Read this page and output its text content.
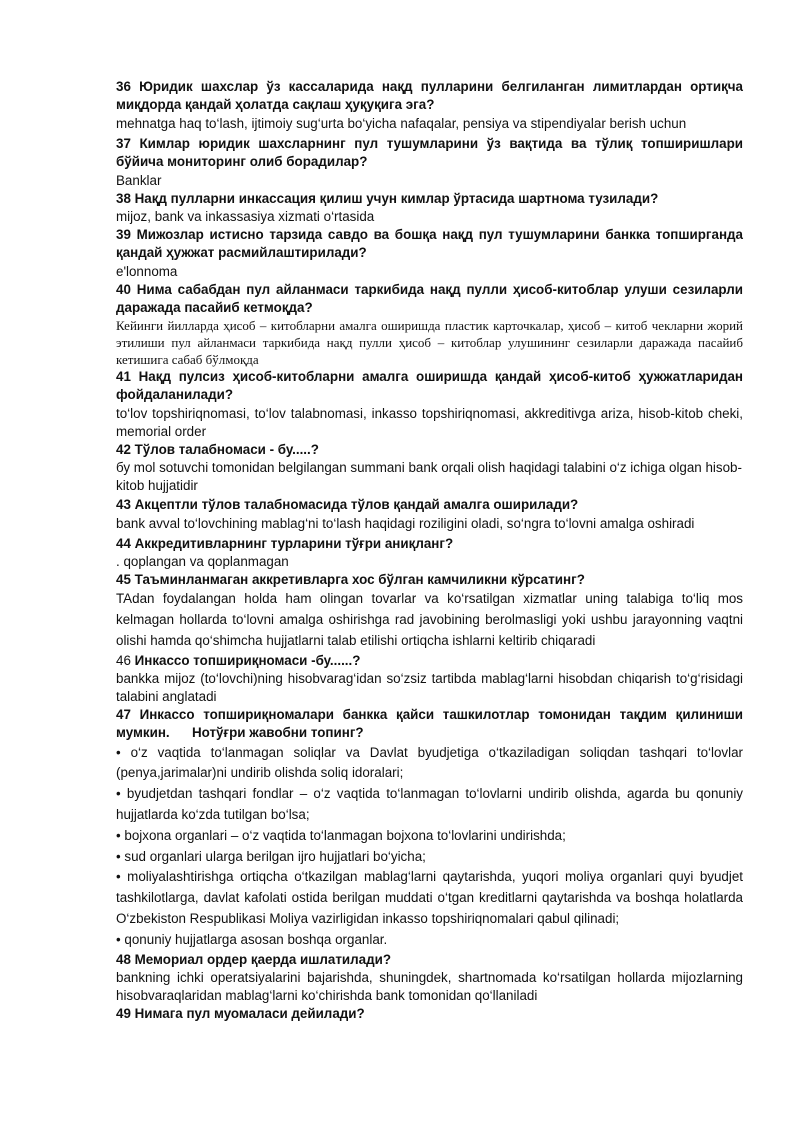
36 Юридик шахслар ўз кассаларида нақд пулларини белгиланган лимитлардан ортиқча миқдорда қандай ҳолатда сақлаш ҳуқуқига эга?

mehnatga haq to‘lash, ijtimoiy sug‘urta bo‘yicha nafaqalar, pensiya va stipendiyalar berish uchun

37 Кимлар юридик шахсларнинг пул тушумларини ўз вақтида ва тўлиқ топширишлари бўйича мониторинг олиб борадилар?

Banklar

38 Нақд пулларни инкассация қилиш учун кимлар ўртасида шартнома тузилади?

mijoz, bank va inkassasiya xizmati o‘rtasida

39 Мижозлар истисно тарзида савдо ва бошқа нақд пул тушумларини банкка топширганда қандай ҳужжат расмийлаштирилади?

e'lonnoma

40 Нима сабабдан пул айланмаси таркибида нақд пулли ҳисоб-китоблар улуши сезиларли даражада пасайиб кетмоқда?

Кейинги йилларда ҳисоб – китобларни амалга оширишда пластик карточкалар, ҳисоб – китоб чекларни жорий этилиши пул айланмаси таркибида нақд пулли ҳисоб – китоблар улушининг сезиларли даражада пасайиб кетишига сабаб бўлмоқда

41 Нақд пулсиз ҳисоб-китобларни амалга оширишда қандай ҳисоб-китоб ҳужжатларидан фойдаланилади?

to‘lov topshiriqnomasi, to‘lov talabnomasi, inkasso topshiriqnomasi, akkreditivga ariza, hisob-kitob cheki, memorial order

42 Тўлов талабномаси - бу.....?

бу mol sotuvchi tomonidan belgilangan summani bank orqali olish haqidagi talabini o‘z ichiga olgan hisob-kitob hujjatidir

43 Акцептли тўлов талабномасида тўлов қандай амалга оширилади?

bank avval to‘lovchining mablag‘ni to‘lash haqidagi roziligini oladi, so‘ngra to‘lovni amalga oshiradi

44 Аккредитивларнинг турларини тўғри аниқланг?

. qoplangan va qoplanmagan

45 Таъминланмаган аккретивларга хос бўлган камчиликни кўрсатинг?

TAdan foydalangan holda ham olingan tovarlar va ko‘rsatilgan xizmatlar uning talabiga to‘liq mos kelmagan hollarda to‘lovni amalga oshirishga rad javobining berolmasligi yoki ushbu jarayonning vaqtni olishi hamda qo‘shimcha hujjatlarni talab etilishi ortiqcha ishlarni keltirib chiqaradi

46 Инкассо топшириқномаси -бу......?

bankka mijoz (to‘lovchi)ning hisobvarag‘idan so‘zsiz tartibda mablag‘larni hisobdan chiqarish to‘g‘risidagi talabini anglatadi

47 Инкассо топшириқномалари банкка қайси ташкилотлар томонидан тақдим қилиниши мумкин.      Нотўғри жавобни топинг?

• o‘z vaqtida to‘lanmagan soliqlar va Davlat byudjetiga o‘tkaziladigan soliqdan tashqari to‘lovlar (penya,jarimalar)ni undirib olishda soliq idoralari;

• byudjetdan tashqari fondlar – o‘z vaqtida to‘lanmagan to‘lovlarni undirib olishda, agarda bu qonuniy hujjatlarda ko‘zda tutilgan bo‘lsa;

• bojxona organlari – o‘z vaqtida to‘lanmagan bojxona to‘lovlarini undirishda;

• sud organlari ularga berilgan ijro hujjatlari bo‘yicha;

• moliyalashtirishga ortiqcha o‘tkazilgan mablag‘larni qaytarishda, yuqori moliya organlari quyi byudjet tashkilotlarga, davlat kafolati ostida berilgan muddati o‘tgan kreditlarni qaytarishda va boshqa holatlarda O‘zbekiston Respublikasi Moliya vazirligidan inkasso topshiriqnomalari qabul qilinadi;

• qonuniy hujjatlarga asosan boshqa organlar.

48 Мемориал ордер қаерда ишлатилади?

bankning ichki operatsiyalarini bajarishda, shuningdek, shartnomada ko‘rsatilgan hollarda mijozlarning hisobvaraqlaridan mablag‘larni ko‘chirishda bank tomonidan qo‘llaniladi

49 Нимага пул муомаласи дейилади?
